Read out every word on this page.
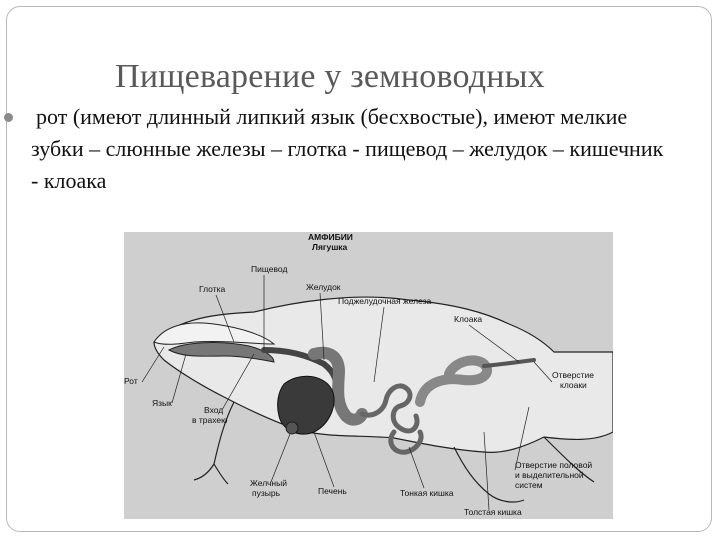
Пищеварение у земноводных
рот (имеют длинный липкий язык (бесхвостые), имеют мелкие зубки – слюнные железы – глотка - пищевод – желудок – кишечник - клоака
АМФИБИИ
Лягушка
Пищевод
Глотка	Желудок
Поджелудочная железа
Клоака
Рот
Язык
Вход
в трахею
Отверстие
клоаки
Отверстие половой
и выделительной
систем
Желчный
пузырь	Печень	Тонкая кишка
Толстая кишка
